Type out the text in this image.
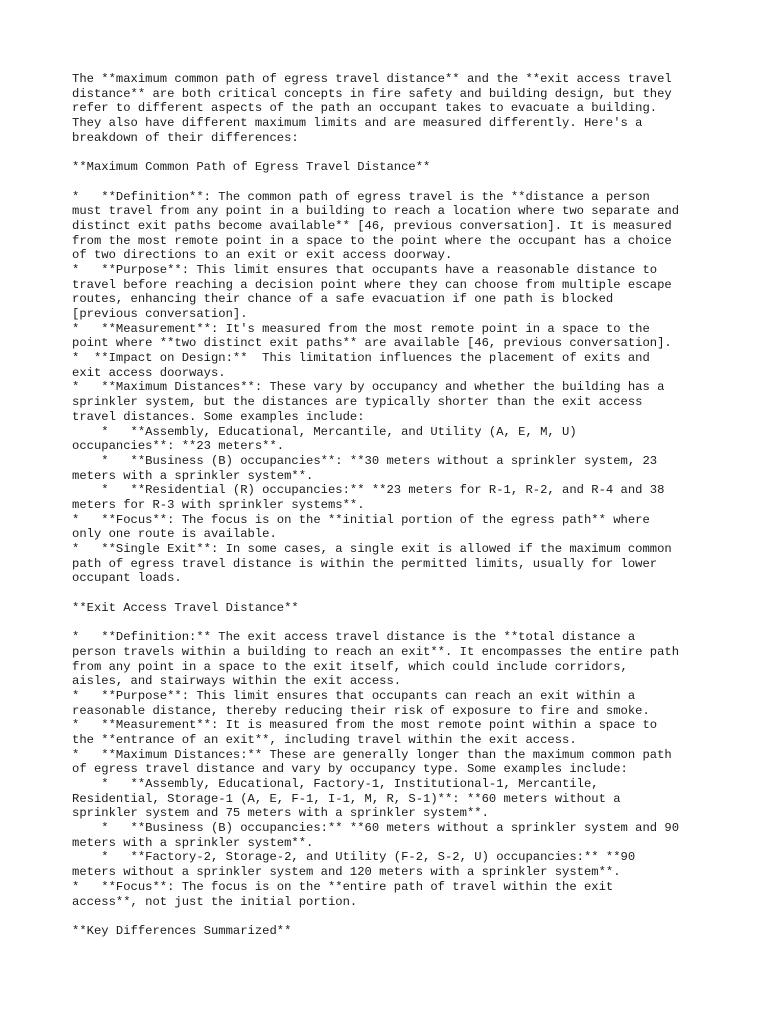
The **maximum common path of egress travel distance** and the **exit access travel
distance** are both critical concepts in fire safety and building design, but they
refer to different aspects of the path an occupant takes to evacuate a building.
They also have different maximum limits and are measured differently. Here's a
breakdown of their differences:
**Maximum Common Path of Egress Travel Distance**
*   **Definition**: The common path of egress travel is the **distance a person
must travel from any point in a building to reach a location where two separate and
distinct exit paths become available** [46, previous conversation]. It is measured
from the most remote point in a space to the point where the occupant has a choice
of two directions to an exit or exit access doorway.
*   **Purpose**: This limit ensures that occupants have a reasonable distance to
travel before reaching a decision point where they can choose from multiple escape
routes, enhancing their chance of a safe evacuation if one path is blocked
[previous conversation].
*   **Measurement**: It's measured from the most remote point in a space to the
point where **two distinct exit paths** are available [46, previous conversation].
*  **Impact on Design:**  This limitation influences the placement of exits and
exit access doorways.
*   **Maximum Distances**: These vary by occupancy and whether the building has a
sprinkler system, but the distances are typically shorter than the exit access
travel distances. Some examples include:
*   **Assembly, Educational, Mercantile, and Utility (A, E, M, U)
occupancies**: **23 meters**.
*   **Business (B) occupancies**: **30 meters without a sprinkler system, 23
meters with a sprinkler system**.
*   **Residential (R) occupancies:** **23 meters for R-1, R-2, and R-4 and 38
meters for R-3 with sprinkler systems**.
*   **Focus**: The focus is on the **initial portion of the egress path** where
only one route is available.
*   **Single Exit**: In some cases, a single exit is allowed if the maximum common
path of egress travel distance is within the permitted limits, usually for lower
occupant loads.
**Exit Access Travel Distance**
*   **Definition:** The exit access travel distance is the **total distance a
person travels within a building to reach an exit**. It encompasses the entire path
from any point in a space to the exit itself, which could include corridors,
aisles, and stairways within the exit access.
*   **Purpose**: This limit ensures that occupants can reach an exit within a
reasonable distance, thereby reducing their risk of exposure to fire and smoke.
*   **Measurement**: It is measured from the most remote point within a space to
the **entrance of an exit**, including travel within the exit access.
*   **Maximum Distances:** These are generally longer than the maximum common path
of egress travel distance and vary by occupancy type. Some examples include:
*   **Assembly, Educational, Factory-1, Institutional-1, Mercantile,
Residential, Storage-1 (A, E, F-1, I-1, M, R, S-1)**: **60 meters without a
sprinkler system and 75 meters with a sprinkler system**.
*   **Business (B) occupancies:** **60 meters without a sprinkler system and 90
meters with a sprinkler system**.
*   **Factory-2, Storage-2, and Utility (F-2, S-2, U) occupancies:** **90
meters without a sprinkler system and 120 meters with a sprinkler system**.
*   **Focus**: The focus is on the **entire path of travel within the exit
access**, not just the initial portion.
**Key Differences Summarized**
